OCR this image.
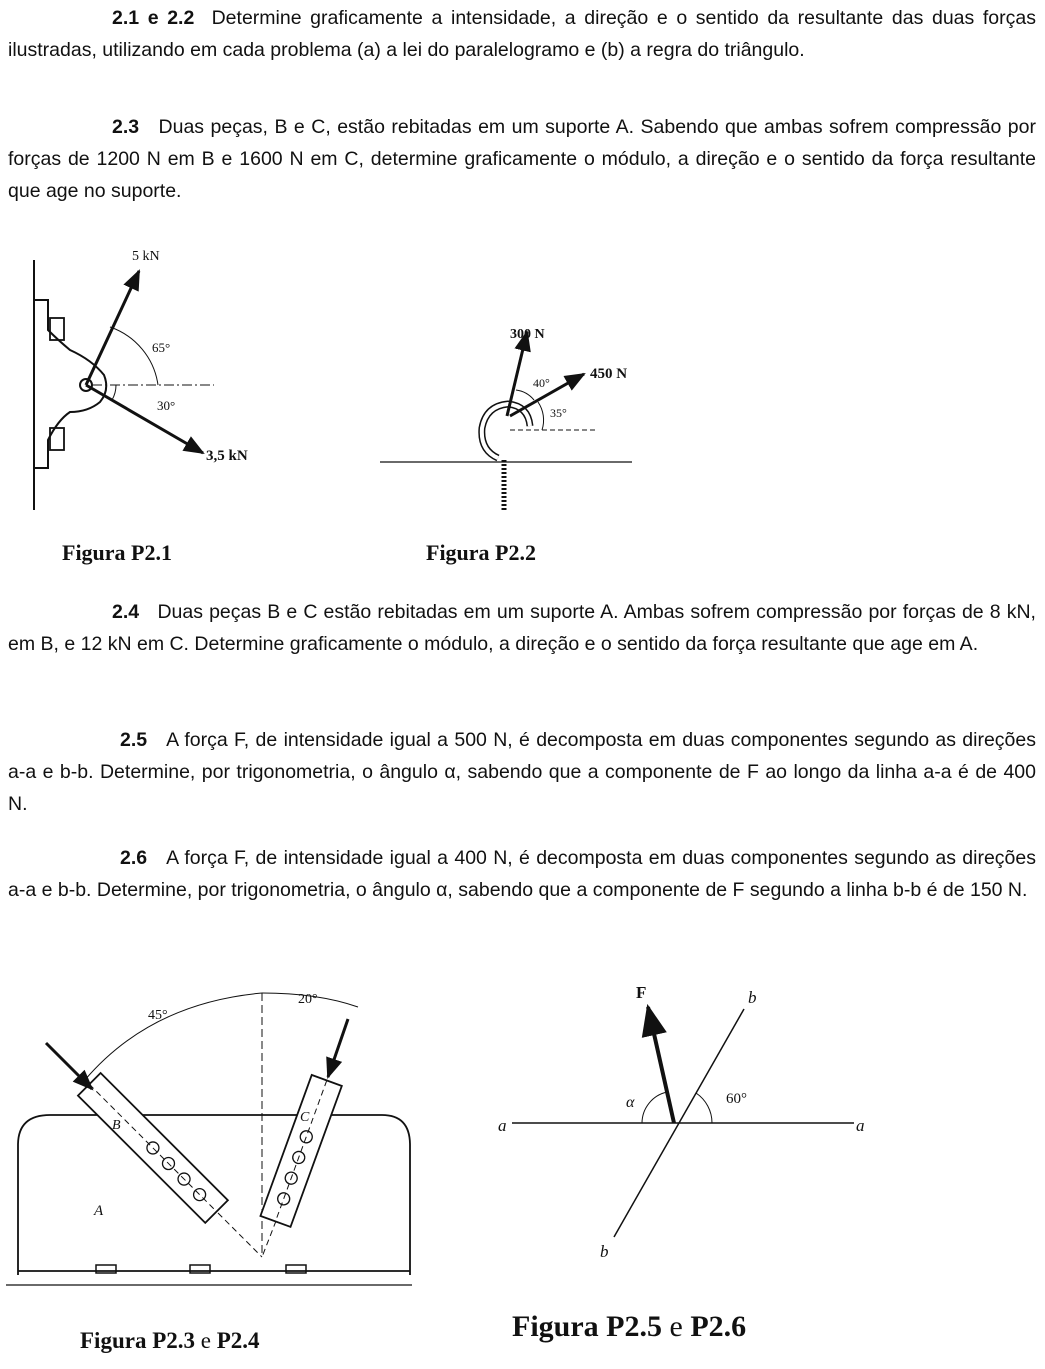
2.1 e 2.2 Determine graficamente a intensidade, a direção e o sentido da resultante das duas forças ilustradas, utilizando em cada problema (a) a lei do paralelogramo e (b) a regra do triângulo.
2.3 Duas peças, B e C, estão rebitadas em um suporte A. Sabendo que ambas sofrem compressão por forças de 1200 N em B e 1600 N em C, determine graficamente o módulo, a direção e o sentido da força resultante que age no suporte.
5 kN
65°
30°
3,5 kN
Figura P2.1
300 N
450 N
40°
35°
Figura P2.2
2.4 Duas peças B e C estão rebitadas em um suporte A. Ambas sofrem compressão por forças de 8 kN, em B, e 12 kN em C. Determine graficamente o módulo, a direção e o sentido da força resultante que age em A.
2.5 A força F, de intensidade igual a 500 N, é decomposta em duas componentes segundo as direções a-a e b-b. Determine, por trigonometria, o ângulo α, sabendo que a componente de F ao longo da linha a-a é de 400 N.
2.6 A força F, de intensidade igual a 400 N, é decomposta em duas componentes segundo as direções a-a e b-b. Determine, por trigonometria, o ângulo α, sabendo que a componente de F segundo a linha b-b é de 150 N.
45°
20°
B
C
A
Figura P2.3 e P2.4
F	b
b
a	a
α	60°
Figura P2.5 e P2.6
